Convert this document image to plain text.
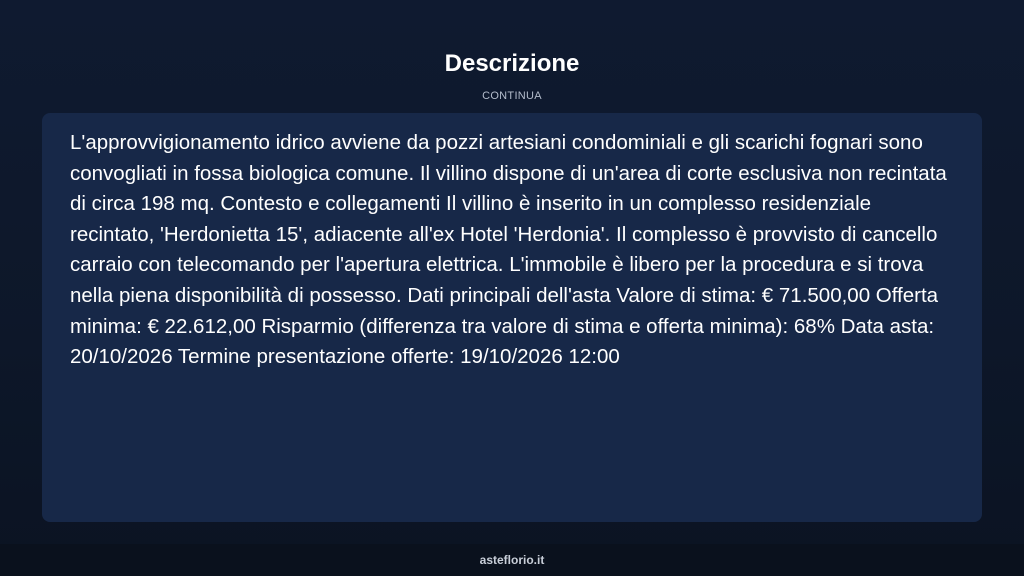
Descrizione
CONTINUA

L'approvvigionamento idrico avviene da pozzi artesiani condominiali e gli scarichi fognari sono convogliati in fossa biologica comune. Il villino dispone di un'area di corte esclusiva non recintata di circa 198 mq. Contesto e collegamenti Il villino è inserito in un complesso residenziale recintato, 'Herdonietta 15', adiacente all'ex Hotel 'Herdonia'. Il complesso è provvisto di cancello carraio con telecomando per l'apertura elettrica. L'immobile è libero per la procedura e si trova nella piena disponibilità di possesso. Dati principali dell'asta Valore di stima: € 71.500,00 Offerta minima: € 22.612,00 Risparmio (differenza tra valore di stima e offerta minima): 68% Data asta: 20/10/2026 Termine presentazione offerte: 19/10/2026 12:00

asteflorio.it
